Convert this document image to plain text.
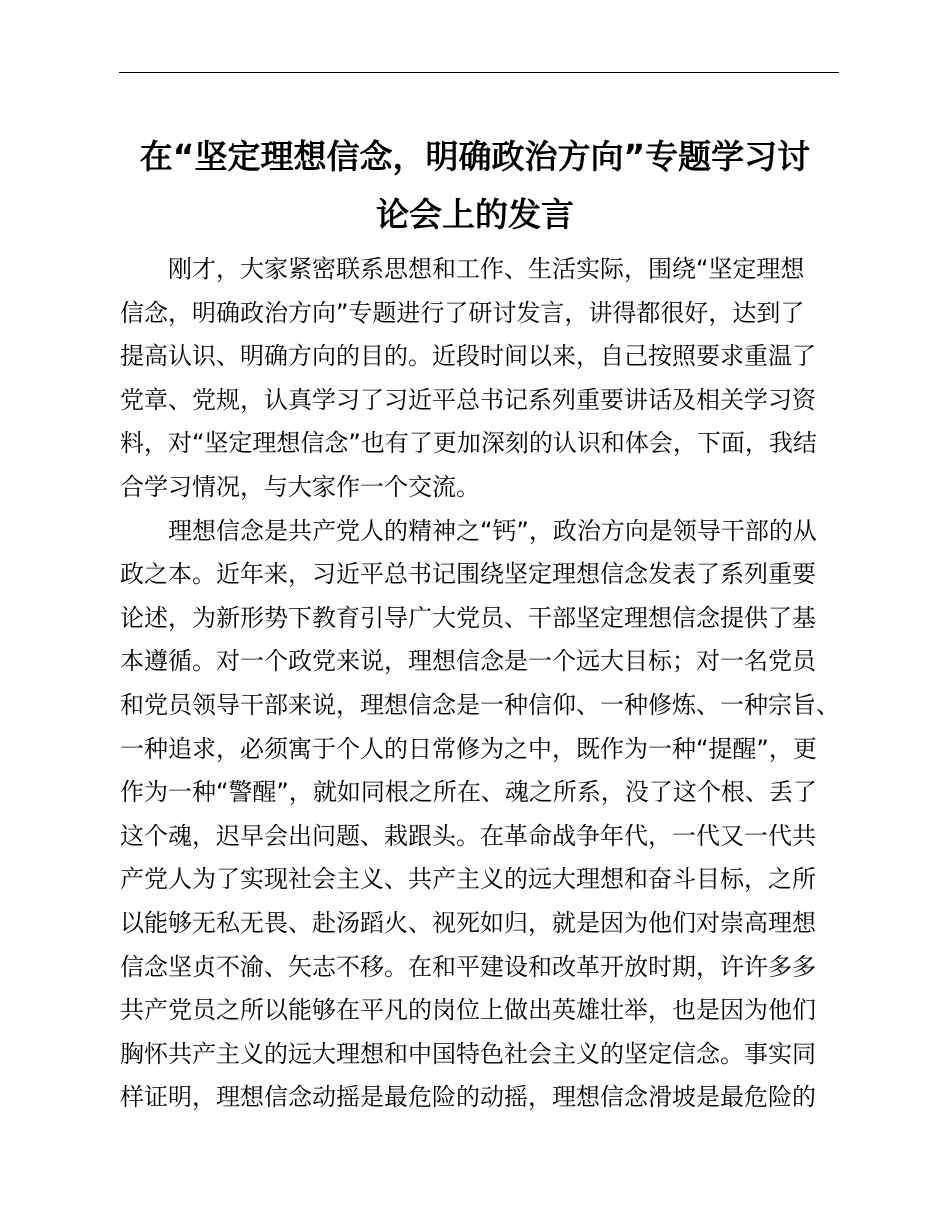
在“坚定理想信念，明确政治方向”专题学习讨
论会上的发言
刚才，大家紧密联系思想和工作、生活实际，围绕“坚定理想
信念，明确政治方向”专题进行了研讨发言，讲得都很好，达到了
提高认识、明确方向的目的。近段时间以来，自己按照要求重温了
党章、党规，认真学习了习近平总书记系列重要讲话及相关学习资
料，对“坚定理想信念”也有了更加深刻的认识和体会，下面，我结
合学习情况，与大家作一个交流。
理想信念是共产党人的精神之“钙”，政治方向是领导干部的从
政之本。近年来，习近平总书记围绕坚定理想信念发表了系列重要
论述，为新形势下教育引导广大党员、干部坚定理想信念提供了基
本遵循。对一个政党来说，理想信念是一个远大目标；对一名党员
和党员领导干部来说，理想信念是一种信仰、一种修炼、一种宗旨、
一种追求，必须寓于个人的日常修为之中，既作为一种“提醒”，更
作为一种“警醒”，就如同根之所在、魂之所系，没了这个根、丢了
这个魂，迟早会出问题、栽跟头。在革命战争年代，一代又一代共
产党人为了实现社会主义、共产主义的远大理想和奋斗目标，之所
以能够无私无畏、赴汤蹈火、视死如归，就是因为他们对崇高理想
信念坚贞不渝、矢志不移。在和平建设和改革开放时期，许许多多
共产党员之所以能够在平凡的岗位上做出英雄壮举，也是因为他们
胸怀共产主义的远大理想和中国特色社会主义的坚定信念。事实同
样证明，理想信念动摇是最危险的动摇，理想信念滑坡是最危险的
